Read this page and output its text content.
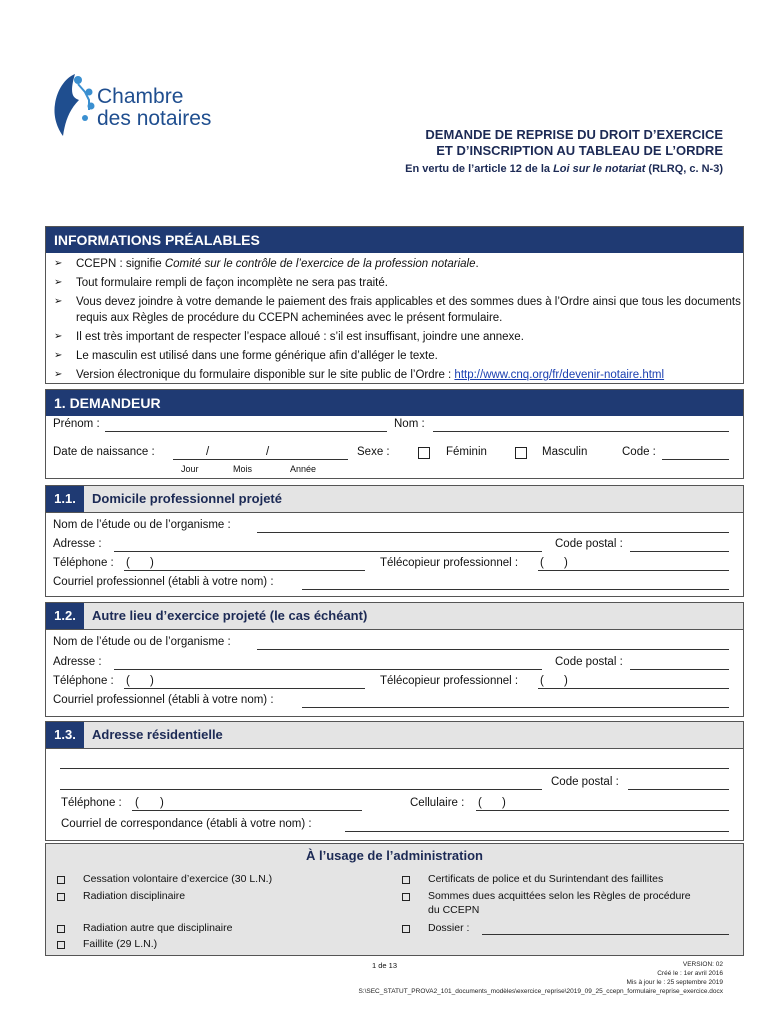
Chambre
des notaires
DEMANDE DE REPRISE DU DROIT D’EXERCICE
ET D’INSCRIPTION AU TABLEAU DE L’ORDRE
En vertu de l’article 12 de la Loi sur le notariat (RLRQ, c. N-3)
INFORMATIONS PRÉALABLES
➢ CCEPN : signifie Comité sur le contrôle de l’exercice de la profession notariale.
➢ Tout formulaire rempli de façon incomplète ne sera pas traité.
➢ Vous devez joindre à votre demande le paiement des frais applicables et des sommes dues à l’Ordre ainsi que tous les documents requis aux Règles de procédure du CCEPN acheminées avec le présent formulaire.
➢ Il est très important de respecter l’espace alloué : s’il est insuffisant, joindre une annexe.
➢ Le masculin est utilisé dans une forme générique afin d’alléger le texte.
➢ Version électronique du formulaire disponible sur le site public de l’Ordre : http://www.cnq.org/fr/devenir-notaire.html
1. DEMANDEUR
Prénom :	Nom :
Date de naissance :	/	/
Jour	Mois	Année
Sexe :	Féminin	Masculin	Code :
1.1. Domicile professionnel projeté
Nom de l’étude ou de l’organisme :
Adresse :	Code postal :
Téléphone : ( )	Télécopieur professionnel : ( )
Courriel professionnel (établi à votre nom) :
1.2. Autre lieu d’exercice projeté (le cas échéant)
Nom de l’étude ou de l’organisme :
Adresse :	Code postal :
Téléphone : ( )	Télécopieur professionnel : ( )
Courriel professionnel (établi à votre nom) :
1.3. Adresse résidentielle
Code postal :
Téléphone : ( )	Cellulaire : ( )
Courriel de correspondance (établi à votre nom) :
À l’usage de l’administration
Cessation volontaire d’exercice (30 L.N.)
Radiation disciplinaire
Radiation autre que disciplinaire
Faillite (29 L.N.)
Certificats de police et du Surintendant des faillites
Sommes dues acquittées selon les Règles de procédure
du CCEPN
Dossier :
1 de 13	VERSION: 02
Créé le : 1er avril 2016
Mis à jour le : 25 septembre 2019
S:\SEC_STATUT_PROVA2_101_documents_modèles\exercice_reprise\2019_09_25_ccepn_formulaire_reprise_exercice.docx
